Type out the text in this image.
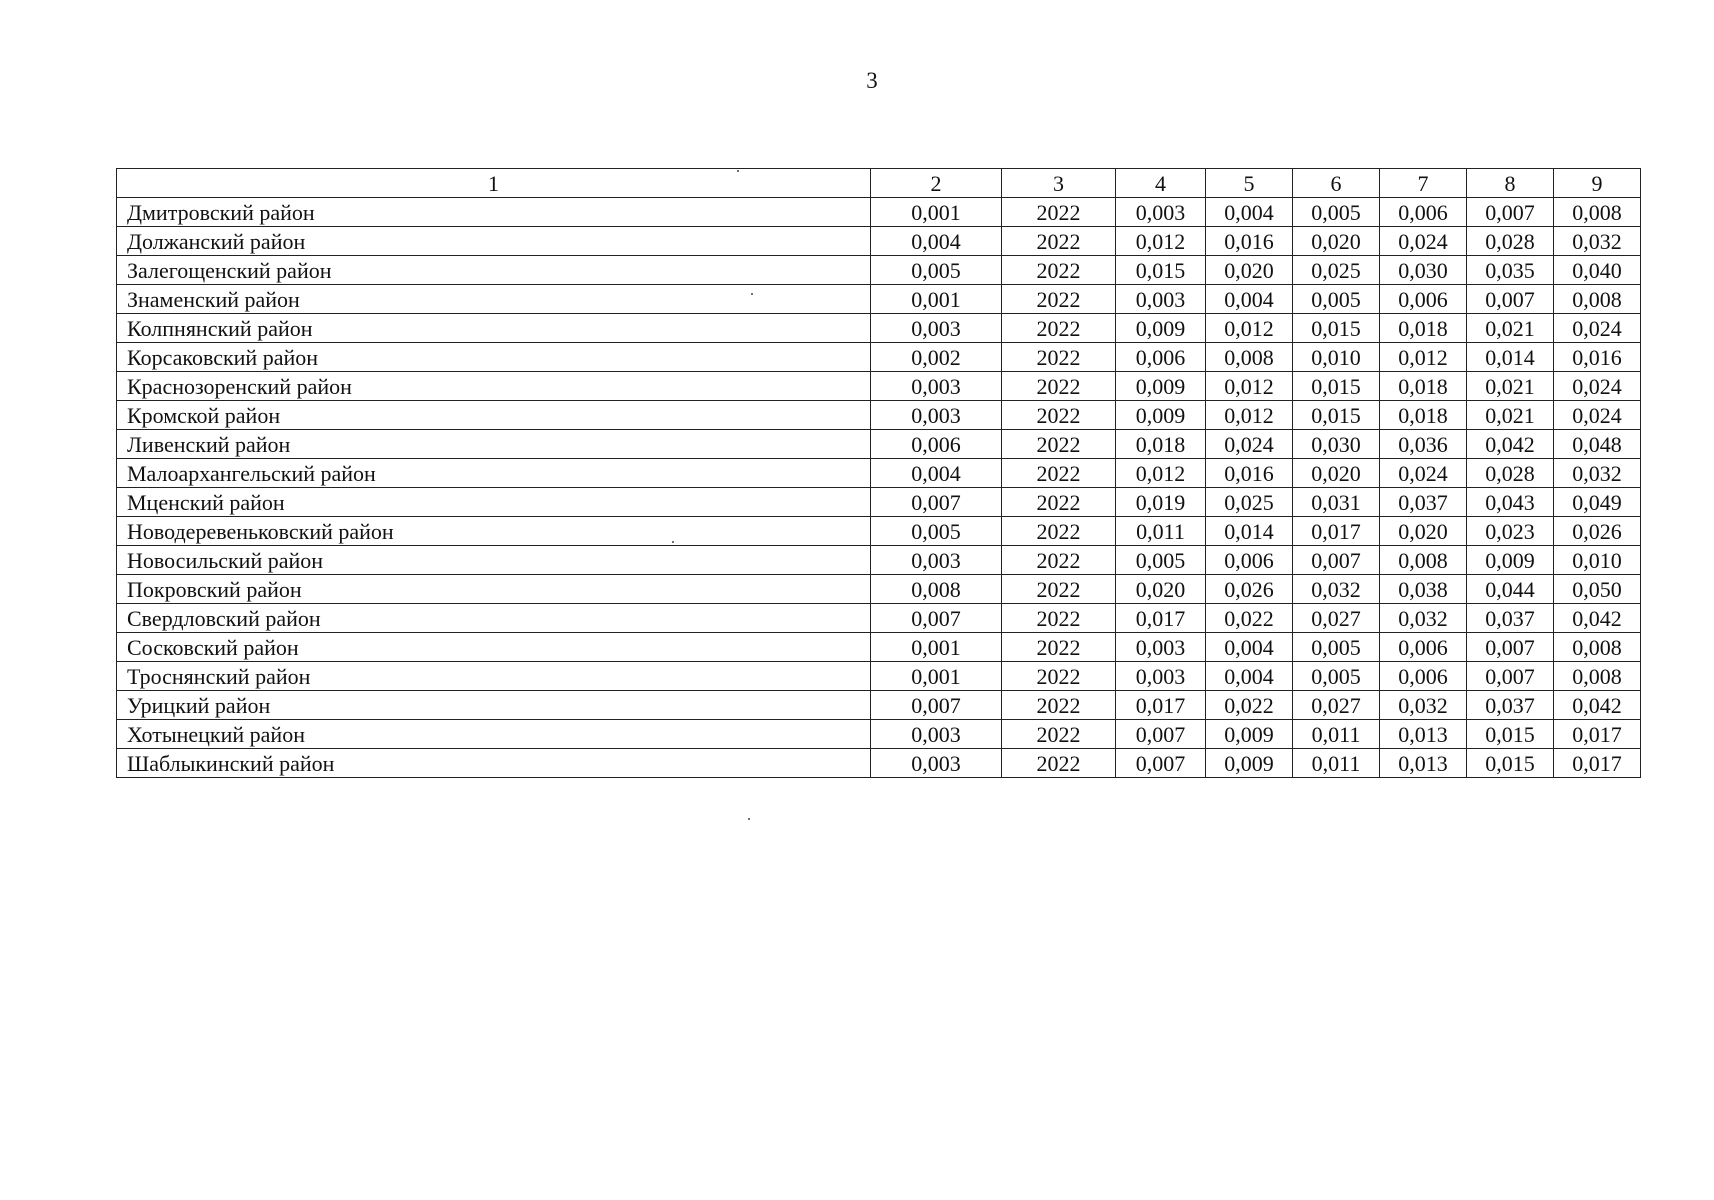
3
1	2	3	4	5	6	7	8	9
Дмитровский район	0,001	2022	0,003	0,004	0,005	0,006	0,007	0,008
Должанский район	0,004	2022	0,012	0,016	0,020	0,024	0,028	0,032
Залегощенский район	0,005	2022	0,015	0,020	0,025	0,030	0,035	0,040
Знаменский район	0,001	2022	0,003	0,004	0,005	0,006	0,007	0,008
Колпнянский район	0,003	2022	0,009	0,012	0,015	0,018	0,021	0,024
Корсаковский район	0,002	2022	0,006	0,008	0,010	0,012	0,014	0,016
Краснозоренский район	0,003	2022	0,009	0,012	0,015	0,018	0,021	0,024
Кромской район	0,003	2022	0,009	0,012	0,015	0,018	0,021	0,024
Ливенский район	0,006	2022	0,018	0,024	0,030	0,036	0,042	0,048
Малоархангельский район	0,004	2022	0,012	0,016	0,020	0,024	0,028	0,032
Мценский район	0,007	2022	0,019	0,025	0,031	0,037	0,043	0,049
Новодеревеньковский район	0,005	2022	0,011	0,014	0,017	0,020	0,023	0,026
Новосильский район	0,003	2022	0,005	0,006	0,007	0,008	0,009	0,010
Покровский район	0,008	2022	0,020	0,026	0,032	0,038	0,044	0,050
Свердловский район	0,007	2022	0,017	0,022	0,027	0,032	0,037	0,042
Сосковский район	0,001	2022	0,003	0,004	0,005	0,006	0,007	0,008
Троснянский район	0,001	2022	0,003	0,004	0,005	0,006	0,007	0,008
Урицкий район	0,007	2022	0,017	0,022	0,027	0,032	0,037	0,042
Хотынецкий район	0,003	2022	0,007	0,009	0,011	0,013	0,015	0,017
Шаблыкинский район	0,003	2022	0,007	0,009	0,011	0,013	0,015	0,017
